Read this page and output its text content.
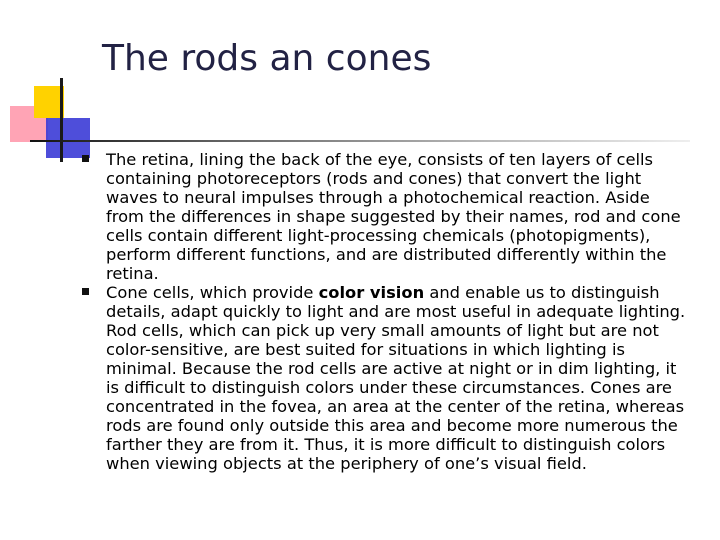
The rods an cones
The retina, lining the back of the eye, consists of ten layers of cells containing photoreceptors (rods and cones) that convert the light waves to neural impulses through a photochemical reaction. Aside from the differences in shape suggested by their names, rod and cone cells contain different light-processing chemicals (photopigments), perform different functions, and are distributed differently within the retina.
Cone cells, which provide color vision and enable us to distinguish details, adapt quickly to light and are most useful in adequate lighting. Rod cells, which can pick up very small amounts of light but are not color-sensitive, are best suited for situations in which lighting is minimal. Because the rod cells are active at night or in dim lighting, it is difficult to distinguish colors under these circumstances. Cones are concentrated in the fovea, an area at the center of the retina, whereas rods are found only outside this area and become more numerous the farther they are from it. Thus, it is more difficult to distinguish colors when viewing objects at the periphery of one’s visual field.
